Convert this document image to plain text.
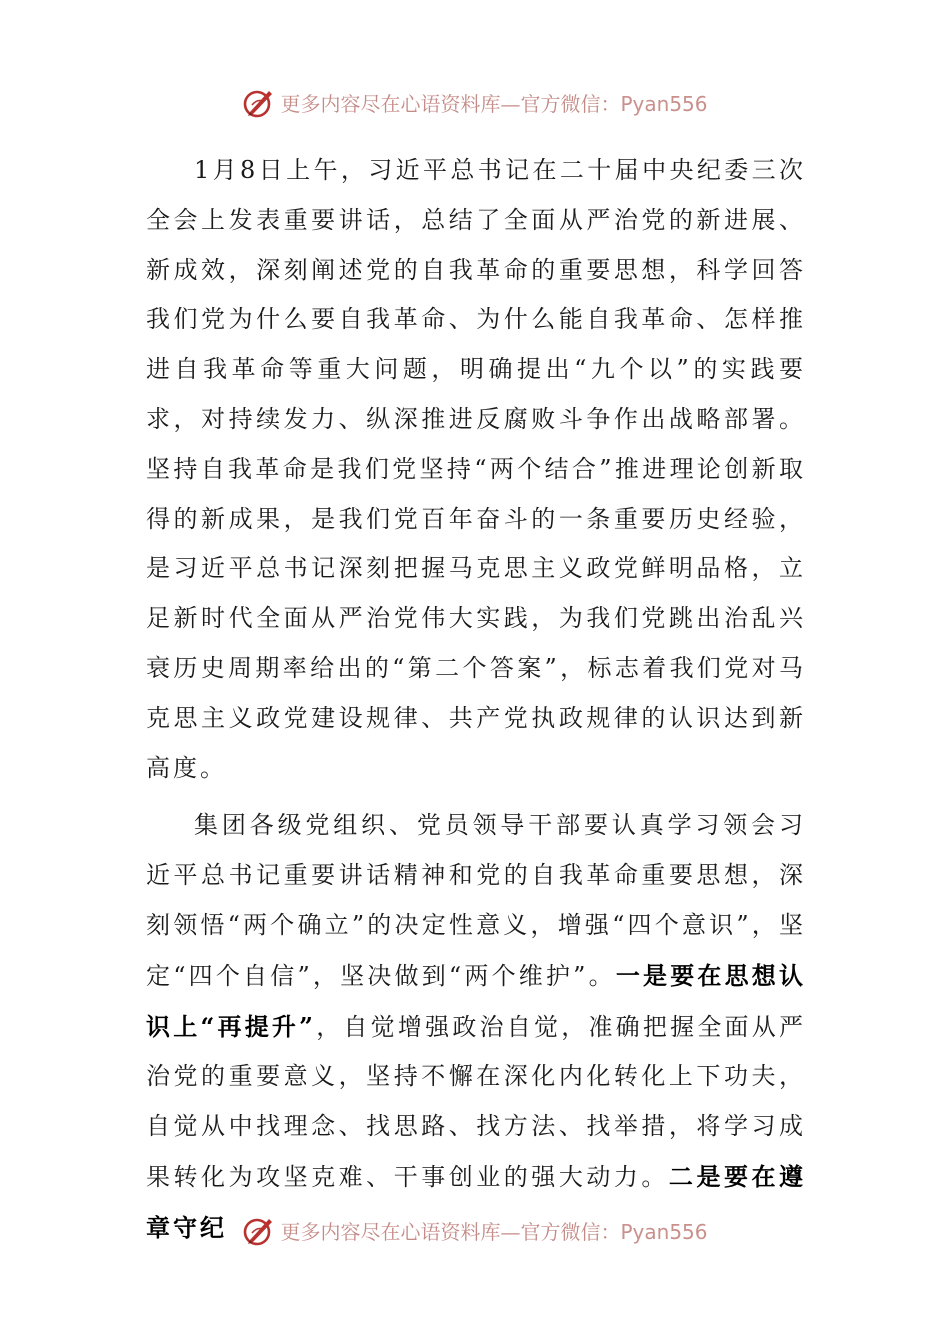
更多内容尽在心语资料库—官方微信：Pyan556

1月8日上午，习近平总书记在二十届中央纪委三次全会上发表重要讲话，总结了全面从严治党的新进展、新成效，深刻阐述党的自我革命的重要思想，科学回答我们党为什么要自我革命、为什么能自我革命、怎样推进自我革命等重大问题，明确提出“九个以”的实践要求，对持续发力、纵深推进反腐败斗争作出战略部署。坚持自我革命是我们党坚持“两个结合”推进理论创新取得的新成果，是我们党百年奋斗的一条重要历史经验，是习近平总书记深刻把握马克思主义政党鲜明品格，立足新时代全面从严治党伟大实践，为我们党跳出治乱兴衰历史周期率给出的“第二个答案”，标志着我们党对马克思主义政党建设规律、共产党执政规律的认识达到新高度。

集团各级党组织、党员领导干部要认真学习领会习近平总书记重要讲话精神和党的自我革命重要思想，深刻领悟“两个确立”的决定性意义，增强“四个意识”，坚定“四个自信”，坚决做到“两个维护”。一是要在思想认识上“再提升”，自觉增强政治自觉，准确把握全面从严治党的重要意义，坚持不懈在深化内化转化上下功夫，自觉从中找理念、找思路、找方法、找举措，将学习成果转化为攻坚克难、干事创业的强大动力。二是要在遵章守纪	更多内容尽在心语资料库—官方微信：Pyan556
